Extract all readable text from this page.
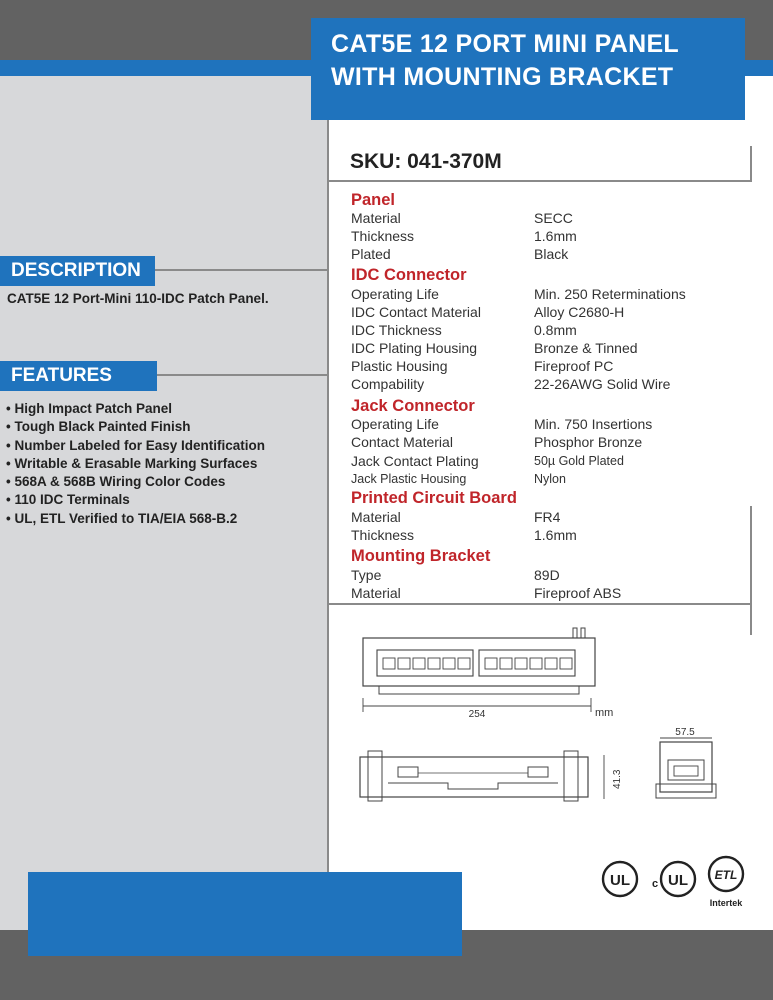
CAT5E 12 PORT MINI PANEL
WITH MOUNTING BRACKET
DESCRIPTION
CAT5E 12 Port-Mini 110-IDC Patch Panel.
FEATURES
• High Impact Patch Panel
• Tough Black Painted Finish
• Number Labeled for Easy Identification
• Writable & Erasable Marking Surfaces
• 568A & 568B Wiring Color Codes
• 110 IDC Terminals
• UL, ETL Verified to TIA/EIA 568-B.2
SKU: 041-370M
Panel
Material	SECC
Thickness	1.6mm
Plated	Black
IDC Connector
Operating Life	Min. 250 Reterminations
IDC Contact Material	Alloy C2680-H
IDC Thickness	0.8mm
IDC Plating Housing	Bronze & Tinned
Plastic Housing	Fireproof PC
Compability	22-26AWG Solid Wire
Jack Connector
Operating Life	Min. 750 Insertions
Contact Material	Phosphor Bronze
Jack Contact Plating	50µ Gold Plated
Jack Plastic Housing	Nylon
Printed Circuit Board
Material	FR4
Thickness	1.6mm
Mounting Bracket
Type	89D
Material	Fireproof ABS
254	mm
41.3
57.5
UL c UL ETL
Intertek
